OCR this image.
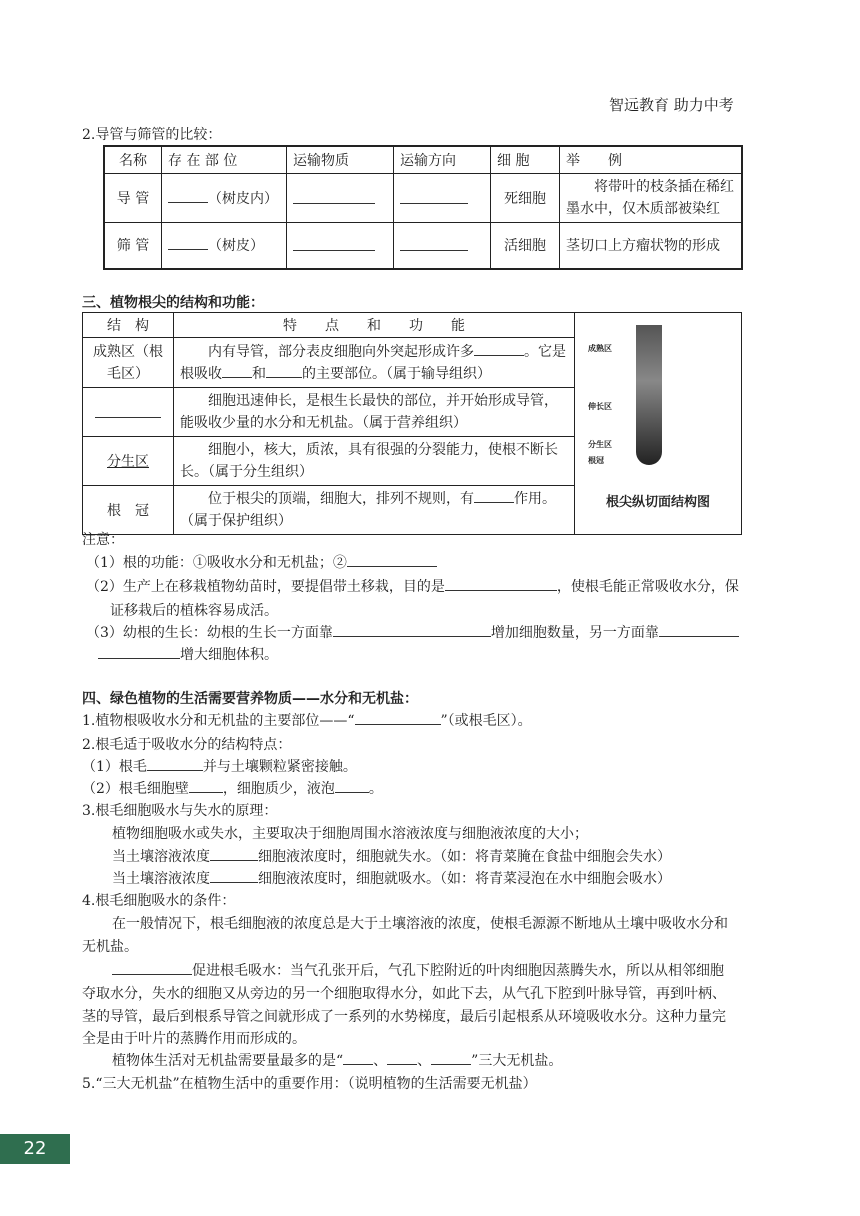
智远教育 助力中考
2.导管与筛管的比较：
名称	存 在 部 位	运输物质	运输方向	细 胞	举　　例
导 管	（树皮内）			死细胞	将带叶的枝条插在稀红墨水中，仅木质部被染红
筛 管	（树皮）			活细胞	茎切口上方瘤状物的形成
三、植物根尖的结构和功能：
结　构	特　　点　　和　　功　　能	成熟区
伸长区
分生区
根冠
根尖纵切面结构图

成熟区（根毛区）	内有导管，部分表皮细胞向外突起形成许多 。它是根吸收 和 的主要部位。（属于输导组织）	
	细胞迅速伸长，是根生长最快的部位，并开始形成导管，能吸收少量的水分和无机盐。（属于营养组织）	
分生区	细胞小，核大，质浓，具有很强的分裂能力，使根不断长长。（属于分生组织）	
根　冠	位于根尖的顶端，细胞大，排列不规则，有 作用。（属于保护组织）	
注意：
（1）根的功能：①吸收水分和无机盐；②
（2）生产上在移栽植物幼苗时，要提倡带土移栽，目的是	，使根毛能正常吸收水分，保
证移栽后的植株容易成活。
（3）幼根的生长：幼根的生长一方面靠	增加细胞数量，另一方面靠
增大细胞体积。
四、绿色植物的生活需要营养物质——水分和无机盐：
1.植物根吸收水分和无机盐的主要部位——“	”（或根毛区）。
2.根毛适于吸收水分的结构特点：
（1）根毛	并与土壤颗粒紧密接触。
（2）根毛细胞壁 ，细胞质少，液泡 。
3.根毛细胞吸水与失水的原理：
植物细胞吸水或失水，主要取决于细胞周围水溶液浓度与细胞液浓度的大小；
当土壤溶液浓度	细胞液浓度时，细胞就失水。（如：将青菜腌在食盐中细胞会失水）
当土壤溶液浓度	细胞液浓度时，细胞就吸水。（如：将青菜浸泡在水中细胞会吸水）
4.根毛细胞吸水的条件：
在一般情况下，根毛细胞液的浓度总是大于土壤溶液的浓度，使根毛源源不断地从土壤中吸收水分和
无机盐。
促进根毛吸水：当气孔张开后，气孔下腔附近的叶肉细胞因蒸腾失水，所以从相邻细胞
夺取水分，失水的细胞又从旁边的另一个细胞取得水分，如此下去，从气孔下腔到叶脉导管，再到叶柄、
茎的导管，最后到根系导管之间就形成了一系列的水势梯度，最后引起根系从环境吸收水分。这种力量完
全是由于叶片的蒸腾作用而形成的。
植物体生活对无机盐需要量最多的是“ 、 、	”三大无机盐。
5.“三大无机盐”在植物生活中的重要作用：（说明植物的生活需要无机盐）
22
